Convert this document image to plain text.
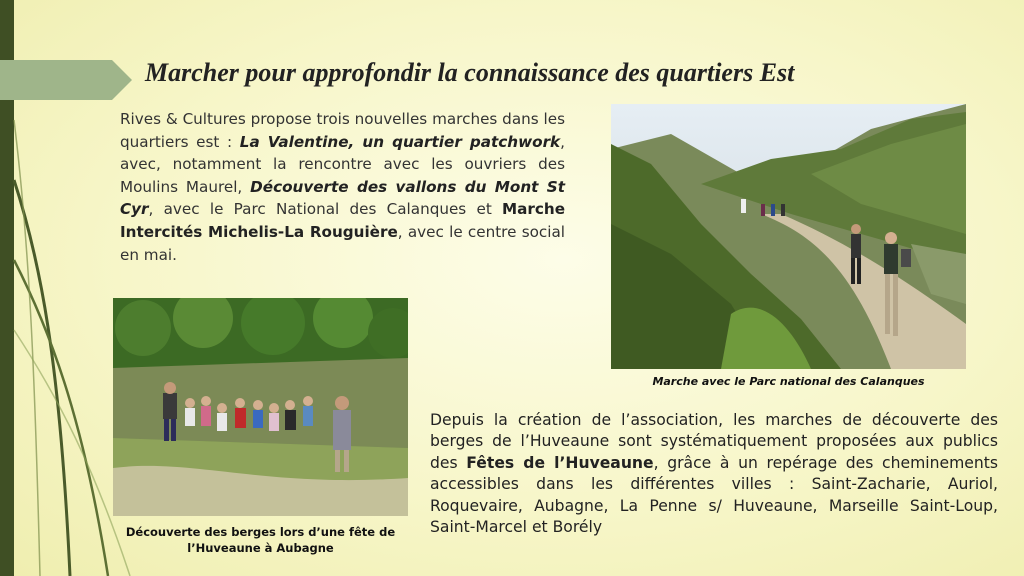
Marcher pour approfondir la connaissance des quartiers Est

Rives & Cultures propose trois nouvelles marches dans les quartiers est : La Valentine, un quartier patchwork, avec, notamment la rencontre avec les ouvriers des Moulins Maurel, Découverte des vallons du Mont St Cyr, avec le Parc National des Calanques et Marche Intercités Michelis-La Rouguière, avec le centre social en mai.

Marche avec le Parc national des Calanques
Découverte des berges lors d’une fête de l’Huveaune à Aubagne

Depuis la création de l’association, les marches de découverte des berges de l’Huveaune sont systématiquement proposées aux publics des Fêtes de l’Huveaune, grâce à un repérage des cheminements accessibles dans les différentes villes : Saint-Zacharie, Auriol, Roquevaire, Aubagne, La Penne s/ Huveaune, Marseille Saint-Loup, Saint-Marcel et Borély
